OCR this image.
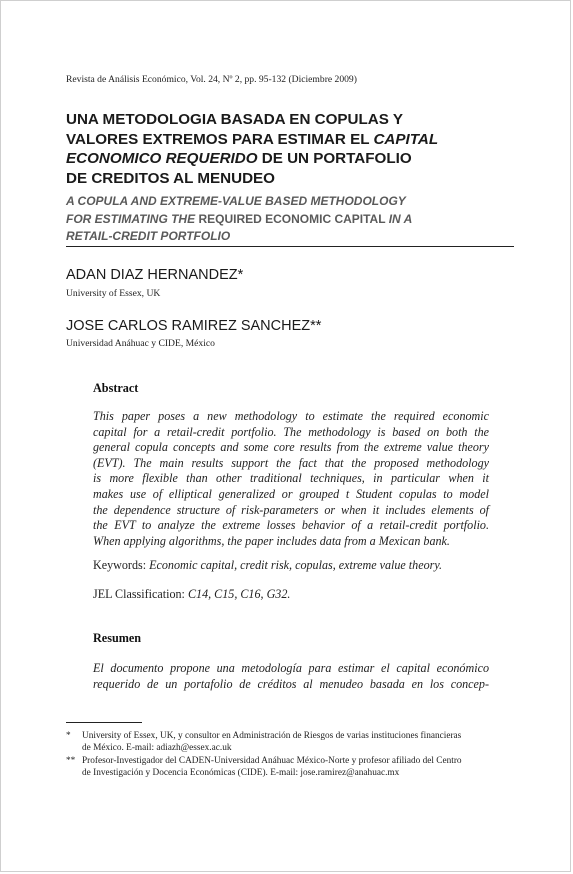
Revista de Análisis Económico, Vol. 24, Nº 2, pp. 95-132 (Diciembre 2009)
UNA METODOLOGIA BASADA EN COPULAS Y
VALORES EXTREMOS PARA ESTIMAR EL CAPITAL
ECONOMICO REQUERIDO DE UN PORTAFOLIO
DE CREDITOS AL MENUDEO
A COPULA AND EXTREME-VALUE BASED METHODOLOGY
FOR ESTIMATING THE REQUIRED ECONOMIC CAPITAL IN A
RETAIL-CREDIT PORTFOLIO
ADAN DIAZ HERNANDEZ*
University of Essex, UK
JOSE CARLOS RAMIREZ SANCHEZ**
Universidad Anáhuac y CIDE, México
Abstract
This paper poses a new methodology to estimate the required economic
capital for a retail-credit portfolio. The methodology is based on both the
general copula concepts and some core results from the extreme value theory
(EVT). The main results support the fact that the proposed methodology
is more flexible than other traditional techniques, in particular when it
makes use of elliptical generalized or grouped t Student copulas to model
the dependence structure of risk-parameters or when it includes elements of
the EVT to analyze the extreme losses behavior of a retail-credit portfolio.
When applying algorithms, the paper includes data from a Mexican bank.
Keywords: Economic capital, credit risk, copulas, extreme value theory.
JEL Classification: C14, C15, C16, G32.
Resumen
El documento propone una metodología para estimar el capital económico
requerido de un portafolio de créditos al menudeo basada en los concep-
* University of Essex, UK, y consultor en Administración de Riesgos de varias instituciones financieras
de México. E-mail: adiazh@essex.ac.uk
** Profesor-Investigador del CADEN-Universidad Anáhuac México-Norte y profesor afiliado del Centro
de Investigación y Docencia Económicas (CIDE). E-mail: jose.ramirez@anahuac.mx
